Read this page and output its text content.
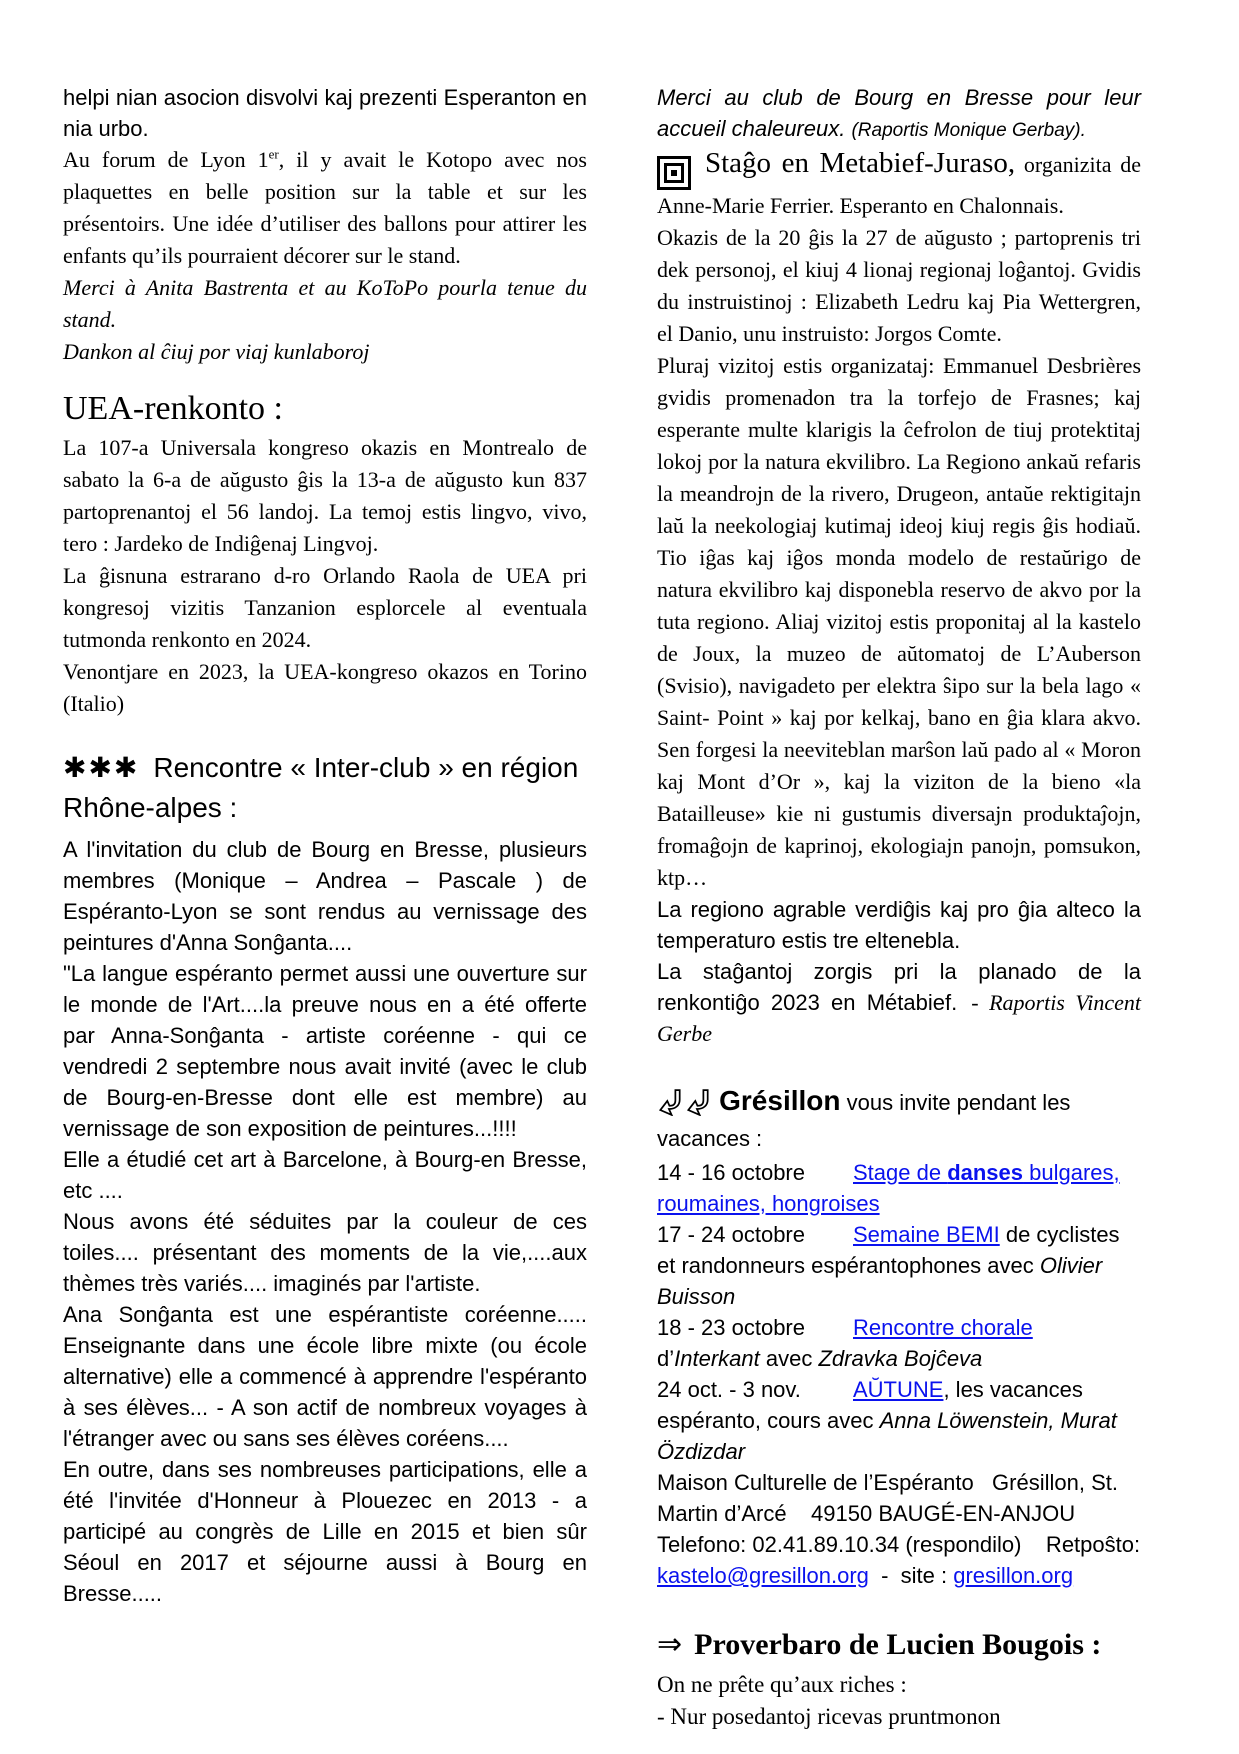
helpi nian asocion disvolvi kaj prezenti Esperanton en nia urbo.

Au forum de Lyon 1er, il y avait le Kotopo avec nos plaquettes en belle position sur la table et sur les présentoirs. Une idée d’utiliser des ballons pour attirer les enfants qu’ils pourraient décorer sur le stand.

Merci à Anita Bastrenta et au KoToPo pourla tenue du stand.

Dankon al ĉiuj por viaj kunlaboroj

UEA-renkonto :

La 107-a Universala kongreso okazis en Montrealo de sabato la 6-a de aŭgusto ĝis la 13-a de aŭgusto kun 837 partoprenantoj el 56 landoj. La temoj estis lingvo, vivo, tero : Jardeko de Indiĝenaj Lingvoj.

La ĝisnuna estrarano d-ro Orlando Raola de UEA pri kongresoj vizitis Tanzanion esplorcele al eventuala tutmonda renkonto en 2024.

Venontjare en 2023, la UEA-kongreso okazos en Torino (Italio)

✱✱✱ Rencontre « Inter-club » en région Rhône-alpes :

A l'invitation du club de Bourg en Bresse, plusieurs membres (Monique – Andrea – Pascale ) de Espéranto-Lyon se sont rendus au vernissage des peintures d'Anna Sonĝanta....

"La langue espéranto permet aussi une ouverture sur le monde de l'Art....la preuve nous en a été offerte par Anna-Sonĝanta - artiste coréenne - qui ce vendredi 2 septembre nous avait invité (avec le club de Bourg-en-Bresse dont elle est membre) au vernissage de son exposition de peintures...!!!!

Elle a étudié cet art à Barcelone, à Bourg-en Bresse, etc ....

Nous avons été séduites par la couleur de ces toiles.... présentant des moments de la vie,....aux thèmes très variés.... imaginés par l'artiste.

Ana Sonĝanta est une espérantiste coréenne..... Enseignante dans une école libre mixte (ou école alternative) elle a commencé à apprendre l'espéranto à ses élèves... - A son actif de nombreux voyages à l'étranger avec ou sans ses élèves coréens....

En outre, dans ses nombreuses participations, elle a été l'invitée d'Honneur à Plouezec en 2013 - a participé au congrès de Lille en 2015 et bien sûr Séoul en 2017 et séjourne aussi à Bourg en Bresse.....

Merci au club de Bourg en Bresse pour leur accueil chaleureux. (Raportis Monique Gerbay).

Staĝo en Metabief-Juraso, organizita de Anne-Marie Ferrier. Esperanto en Chalonnais.

Okazis de la 20 ĝis la 27 de aŭgusto ; partoprenis tri dek personoj, el kiuj 4 lionaj regionaj loĝantoj. Gvidis du instruistinoj : Elizabeth Ledru kaj Pia Wettergren, el Danio, unu instruisto: Jorgos Comte.

Pluraj vizitoj estis organizataj: Emmanuel Desbrières gvidis promenadon tra la torfejo de Frasnes; kaj esperante multe klarigis la ĉefrolon de tiuj protektitaj lokoj por la natura ekvilibro. La Regiono ankaŭ refaris la meandrojn de la rivero, Drugeon, antaŭe rektigitajn laŭ la neekologiaj kutimaj ideoj kiuj regis ĝis hodiaŭ. Tio iĝas kaj iĝos monda modelo de restaŭrigo de natura ekvilibro kaj disponebla reservo de akvo por la tuta regiono. Aliaj vizitoj estis proponitaj al la kastelo de Joux, la muzeo de aŭtomatoj de L’Auberson (Svisio), navigadeto per elektra ŝipo sur la bela lago « Saint- Point » kaj por kelkaj, bano en ĝia klara akvo. Sen forgesi la neeviteblan marŝon laŭ pado al « Moron kaj Mont d’Or », kaj la viziton de la bieno «la Batailleuse» kie ni gustumis diversajn produktaĵojn, fromaĝojn de kaprinoj, ekologiajn panojn, pomsukon, ktp…

La regiono agrable verdiĝis kaj pro ĝia alteco la temperaturo estis tre eltenebla.

La staĝantoj zorgis pri la planado de la renkontiĝo 2023 en Métabief. - Raportis Vincent Gerbe

Grésillon vous invite pendant les vacances :

14 - 16 octobre Stage de danses bulgares, roumaines, hongroises

17 - 24 octobre Semaine BEMI de cyclistes et randonneurs espérantophones avec Olivier Buisson

18 - 23 octobre Rencontre chorale d’Interkant avec Zdravka Bojĉeva

24 oct. - 3 nov. AŬTUNE, les vacances espéranto, cours avec Anna Löwenstein, Murat Özdizdar

Maison Culturelle de l’Espéranto   Grésillon, St. Martin d’Arcé    49150 BAUGÉ-EN-ANJOU

Telefono: 02.41.89.10.34 (respondilo)    Retpoŝto: kastelo@gresillon.org  -  site : gresillon.org

⇒ Proverbaro de Lucien Bougois :

On ne prête qu’aux riches :

- Nur posedantoj ricevas pruntmonon
